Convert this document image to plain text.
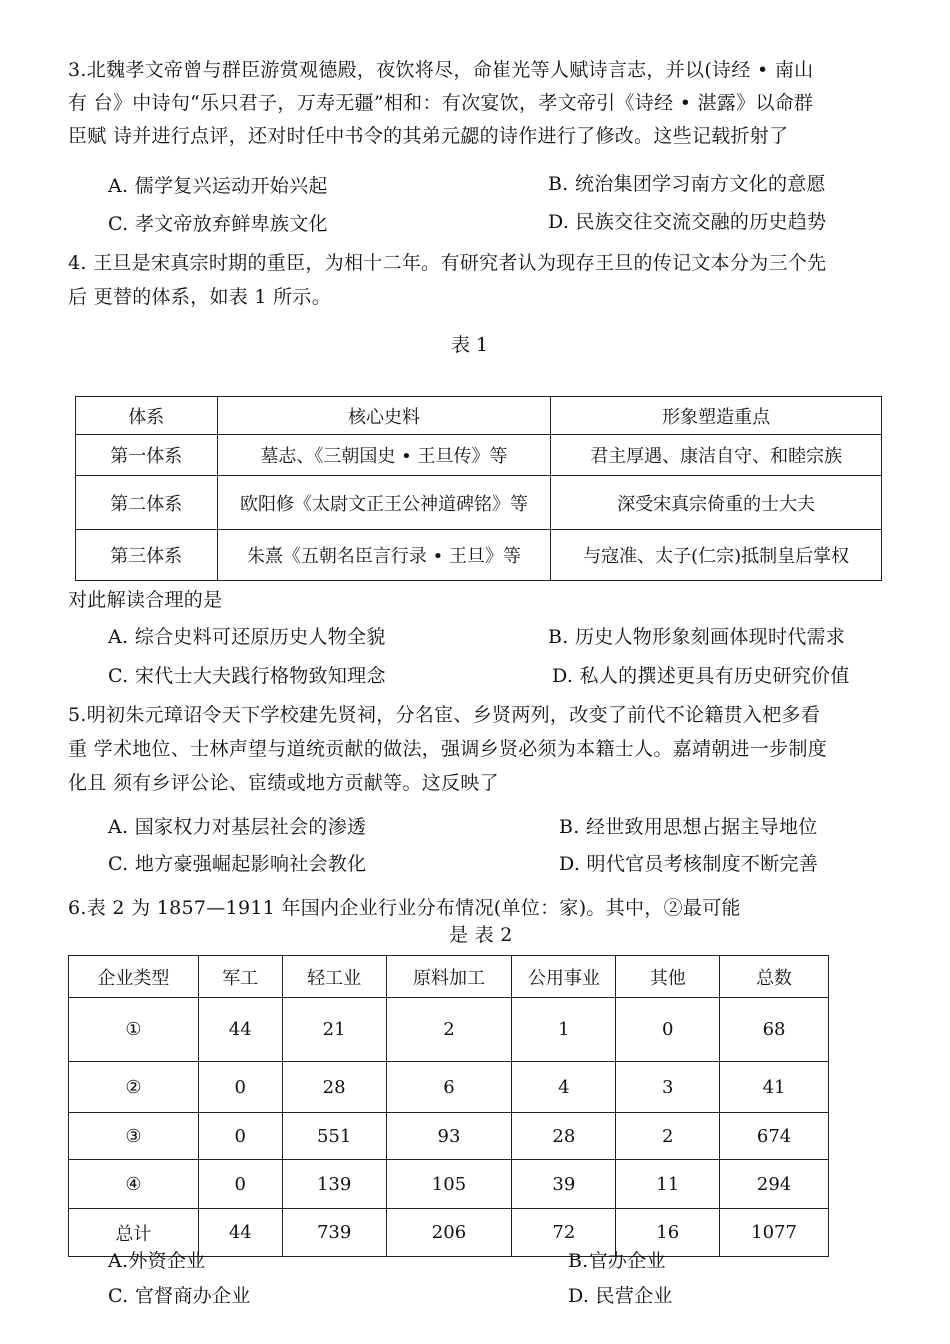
3.北魏孝文帝曾与群臣游赏观德殿，夜饮将尽，命崔光等人赋诗言志，并以(诗经 • 南山
有 台》中诗句“乐只君子，万寿无疆”相和：有次宴饮，孝文帝引《诗经 • 湛露》以命群
臣赋 诗并进行点评，还对时任中书令的其弟元勰的诗作进行了修改。这些记载折射了
A. 儒学复兴运动开始兴起	B. 统治集团学习南方文化的意愿
C. 孝文帝放弃鲜卑族文化	D. 民族交往交流交融的历史趋势
4. 王旦是宋真宗时期的重臣，为相十二年。有研究者认为现存王旦的传记文本分为三个先
后 更替的体系，如表 1 所示。
表 1
体系	核心史料	形象塑造重点
第一体系	墓志、《三朝国史 • 王旦传》等	君主厚遇、康洁自守、和睦宗族
第二体系	欧阳修《太尉文正王公神道碑铭》等	深受宋真宗倚重的士大夫
第三体系	朱熹《五朝名臣言行录 • 王旦》等	与寇准、太子(仁宗)抵制皇后掌权
对此解读合理的是
A. 综合史料可还原历史人物全貌	B. 历史人物形象刻画体现时代需求
C. 宋代士大夫践行格物致知理念	D. 私人的撰述更具有历史研究价值
5.明初朱元璋诏令天下学校建先贤祠，分名宦、乡贤两列，改变了前代不论籍贯入杷多看
重 学术地位、士林声望与道统贡献的做法，强调乡贤必须为本籍士人。嘉靖朝进一步制度
化且 须有乡评公论、宦绩或地方贡献等。这反映了
A. 国家权力对基层社会的渗透	B. 经世致用思想占据主导地位
C. 地方豪强崛起影响社会教化	D. 明代官员考核制度不断完善
6.表 2 为 1857—1911 年国内企业行业分布情况(单位：家)。其中，②最可能
是 表 2
企业类型	军工	轻工业	原料加工	公用事业	其他	总数
①	44	21	2	1	0	68
②	0	28	6	4	3	41
③	0	551	93	28	2	674
④	0	139	105	39	11	294
总计	44	739	206	72	16	1077
A.外资企业	B.官办企业
C. 官督商办企业	D. 民营企业
